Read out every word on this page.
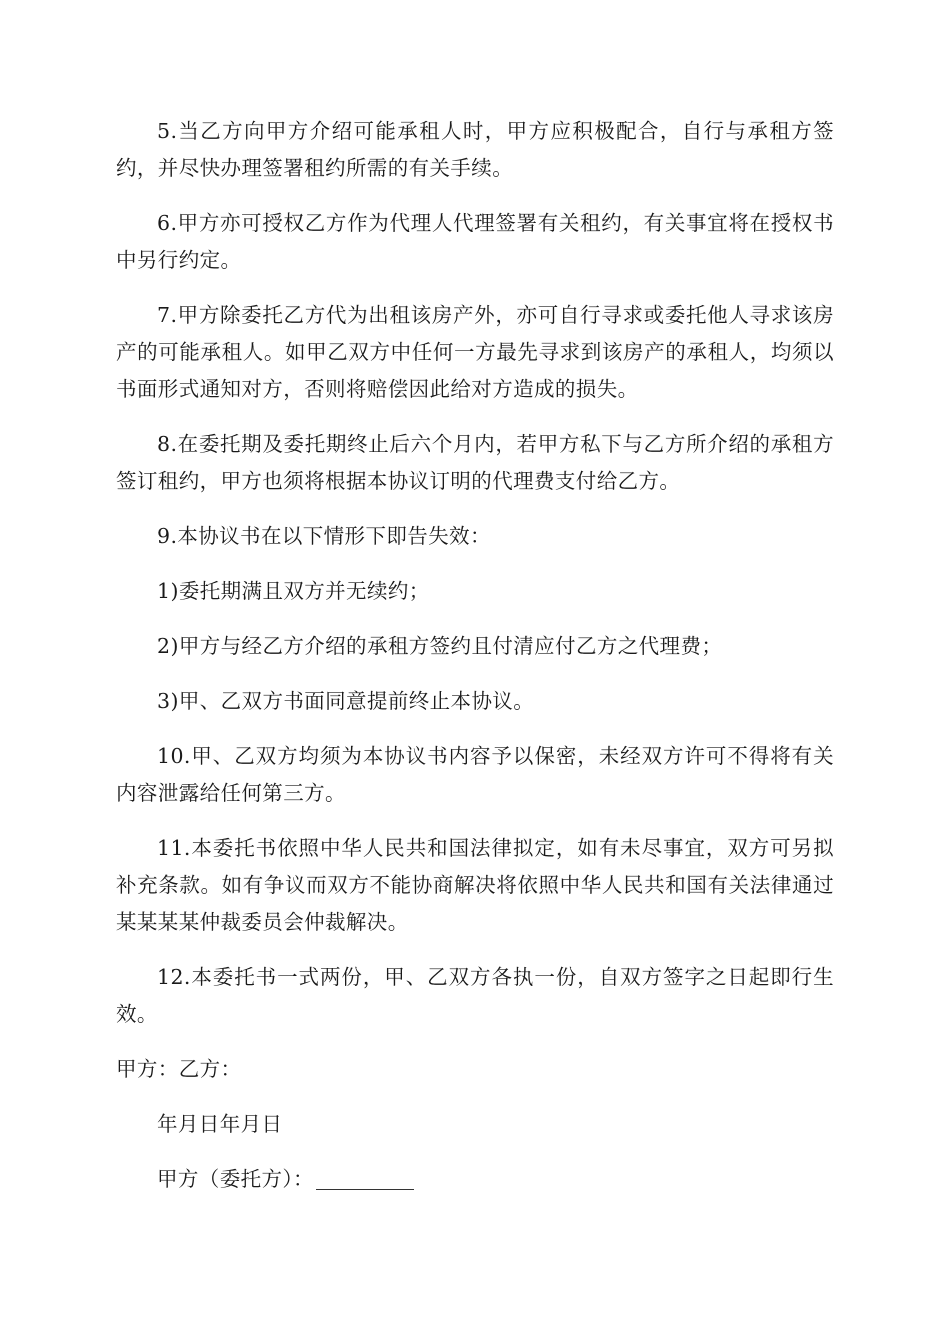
5.当乙方向甲方介绍可能承租人时，甲方应积极配合，自行与承租方签约，并尽快办理签署租约所需的有关手续。

6.甲方亦可授权乙方作为代理人代理签署有关租约，有关事宜将在授权书中另行约定。

7.甲方除委托乙方代为出租该房产外，亦可自行寻求或委托他人寻求该房产的可能承租人。如甲乙双方中任何一方最先寻求到该房产的承租人，均须以书面形式通知对方，否则将赔偿因此给对方造成的损失。

8.在委托期及委托期终止后六个月内，若甲方私下与乙方所介绍的承租方签订租约，甲方也须将根据本协议订明的代理费支付给乙方。

9.本协议书在以下情形下即告失效：

1)委托期满且双方并无续约；

2)甲方与经乙方介绍的承租方签约且付清应付乙方之代理费；

3)甲、乙双方书面同意提前终止本协议。

10.甲、乙双方均须为本协议书内容予以保密，未经双方许可不得将有关内容泄露给任何第三方。

11.本委托书依照中华人民共和国法律拟定，如有未尽事宜，双方可另拟补充条款。如有争议而双方不能协商解决将依照中华人民共和国有关法律通过某某某某仲裁委员会仲裁解决。

12.本委托书一式两份，甲、乙双方各执一份，自双方签字之日起即行生效。

甲方：乙方：

年月日年月日

甲方（委托方）：
